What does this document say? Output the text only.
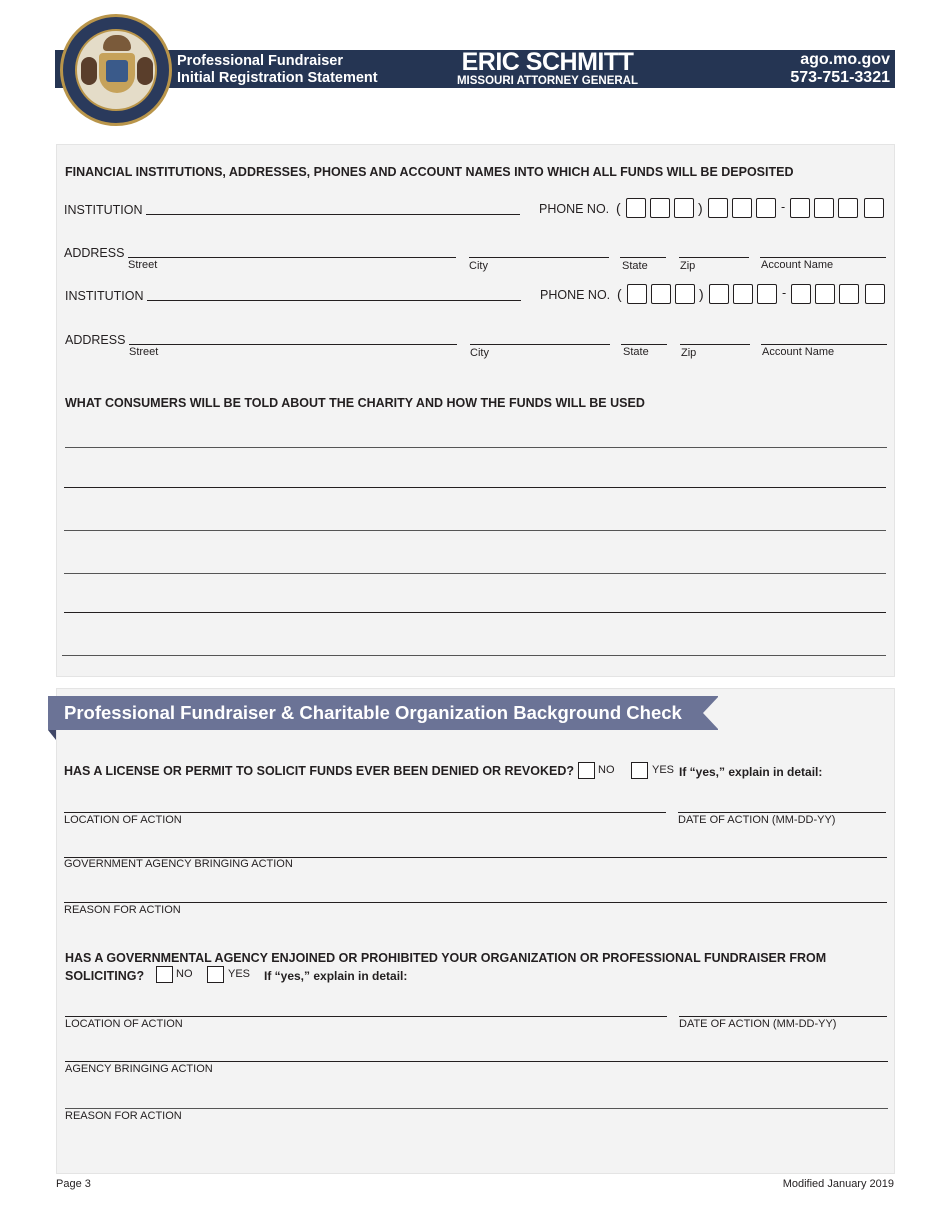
Professional Fundraiser
Initial Registration Statement
ERIC SCHMITT
MISSOURI ATTORNEY GENERAL
ago.mo.gov
573-751-3321
FINANCIAL INSTITUTIONS, ADDRESSES, PHONES AND ACCOUNT NAMES INTO WHICH ALL FUNDS WILL BE DEPOSITED
INSTITUTION	PHONE NO. (	)	-
ADDRESS
Street	City	State	Zip	Account Name
INSTITUTION	PHONE NO. (	)	-
ADDRESS
Street	City	State	Zip	Account Name
WHAT CONSUMERS WILL BE TOLD ABOUT THE CHARITY AND HOW THE FUNDS WILL BE USED
Professional Fundraiser & Charitable Organization Background Check
HAS A LICENSE OR PERMIT TO SOLICIT FUNDS EVER BEEN DENIED OR REVOKED? NO	YES If “yes,” explain in detail:
LOCATION OF ACTION	DATE OF ACTION (MM-DD-YY)
GOVERNMENT AGENCY BRINGING ACTION
REASON FOR ACTION
HAS A GOVERNMENTAL AGENCY ENJOINED OR PROHIBITED YOUR ORGANIZATION OR PROFESSIONAL FUNDRAISER FROM
SOLICITING?	NO	YES If “yes,” explain in detail:
LOCATION OF ACTION	DATE OF ACTION (MM-DD-YY)
AGENCY BRINGING ACTION
REASON FOR ACTION
Page 3	Modified January 2019
